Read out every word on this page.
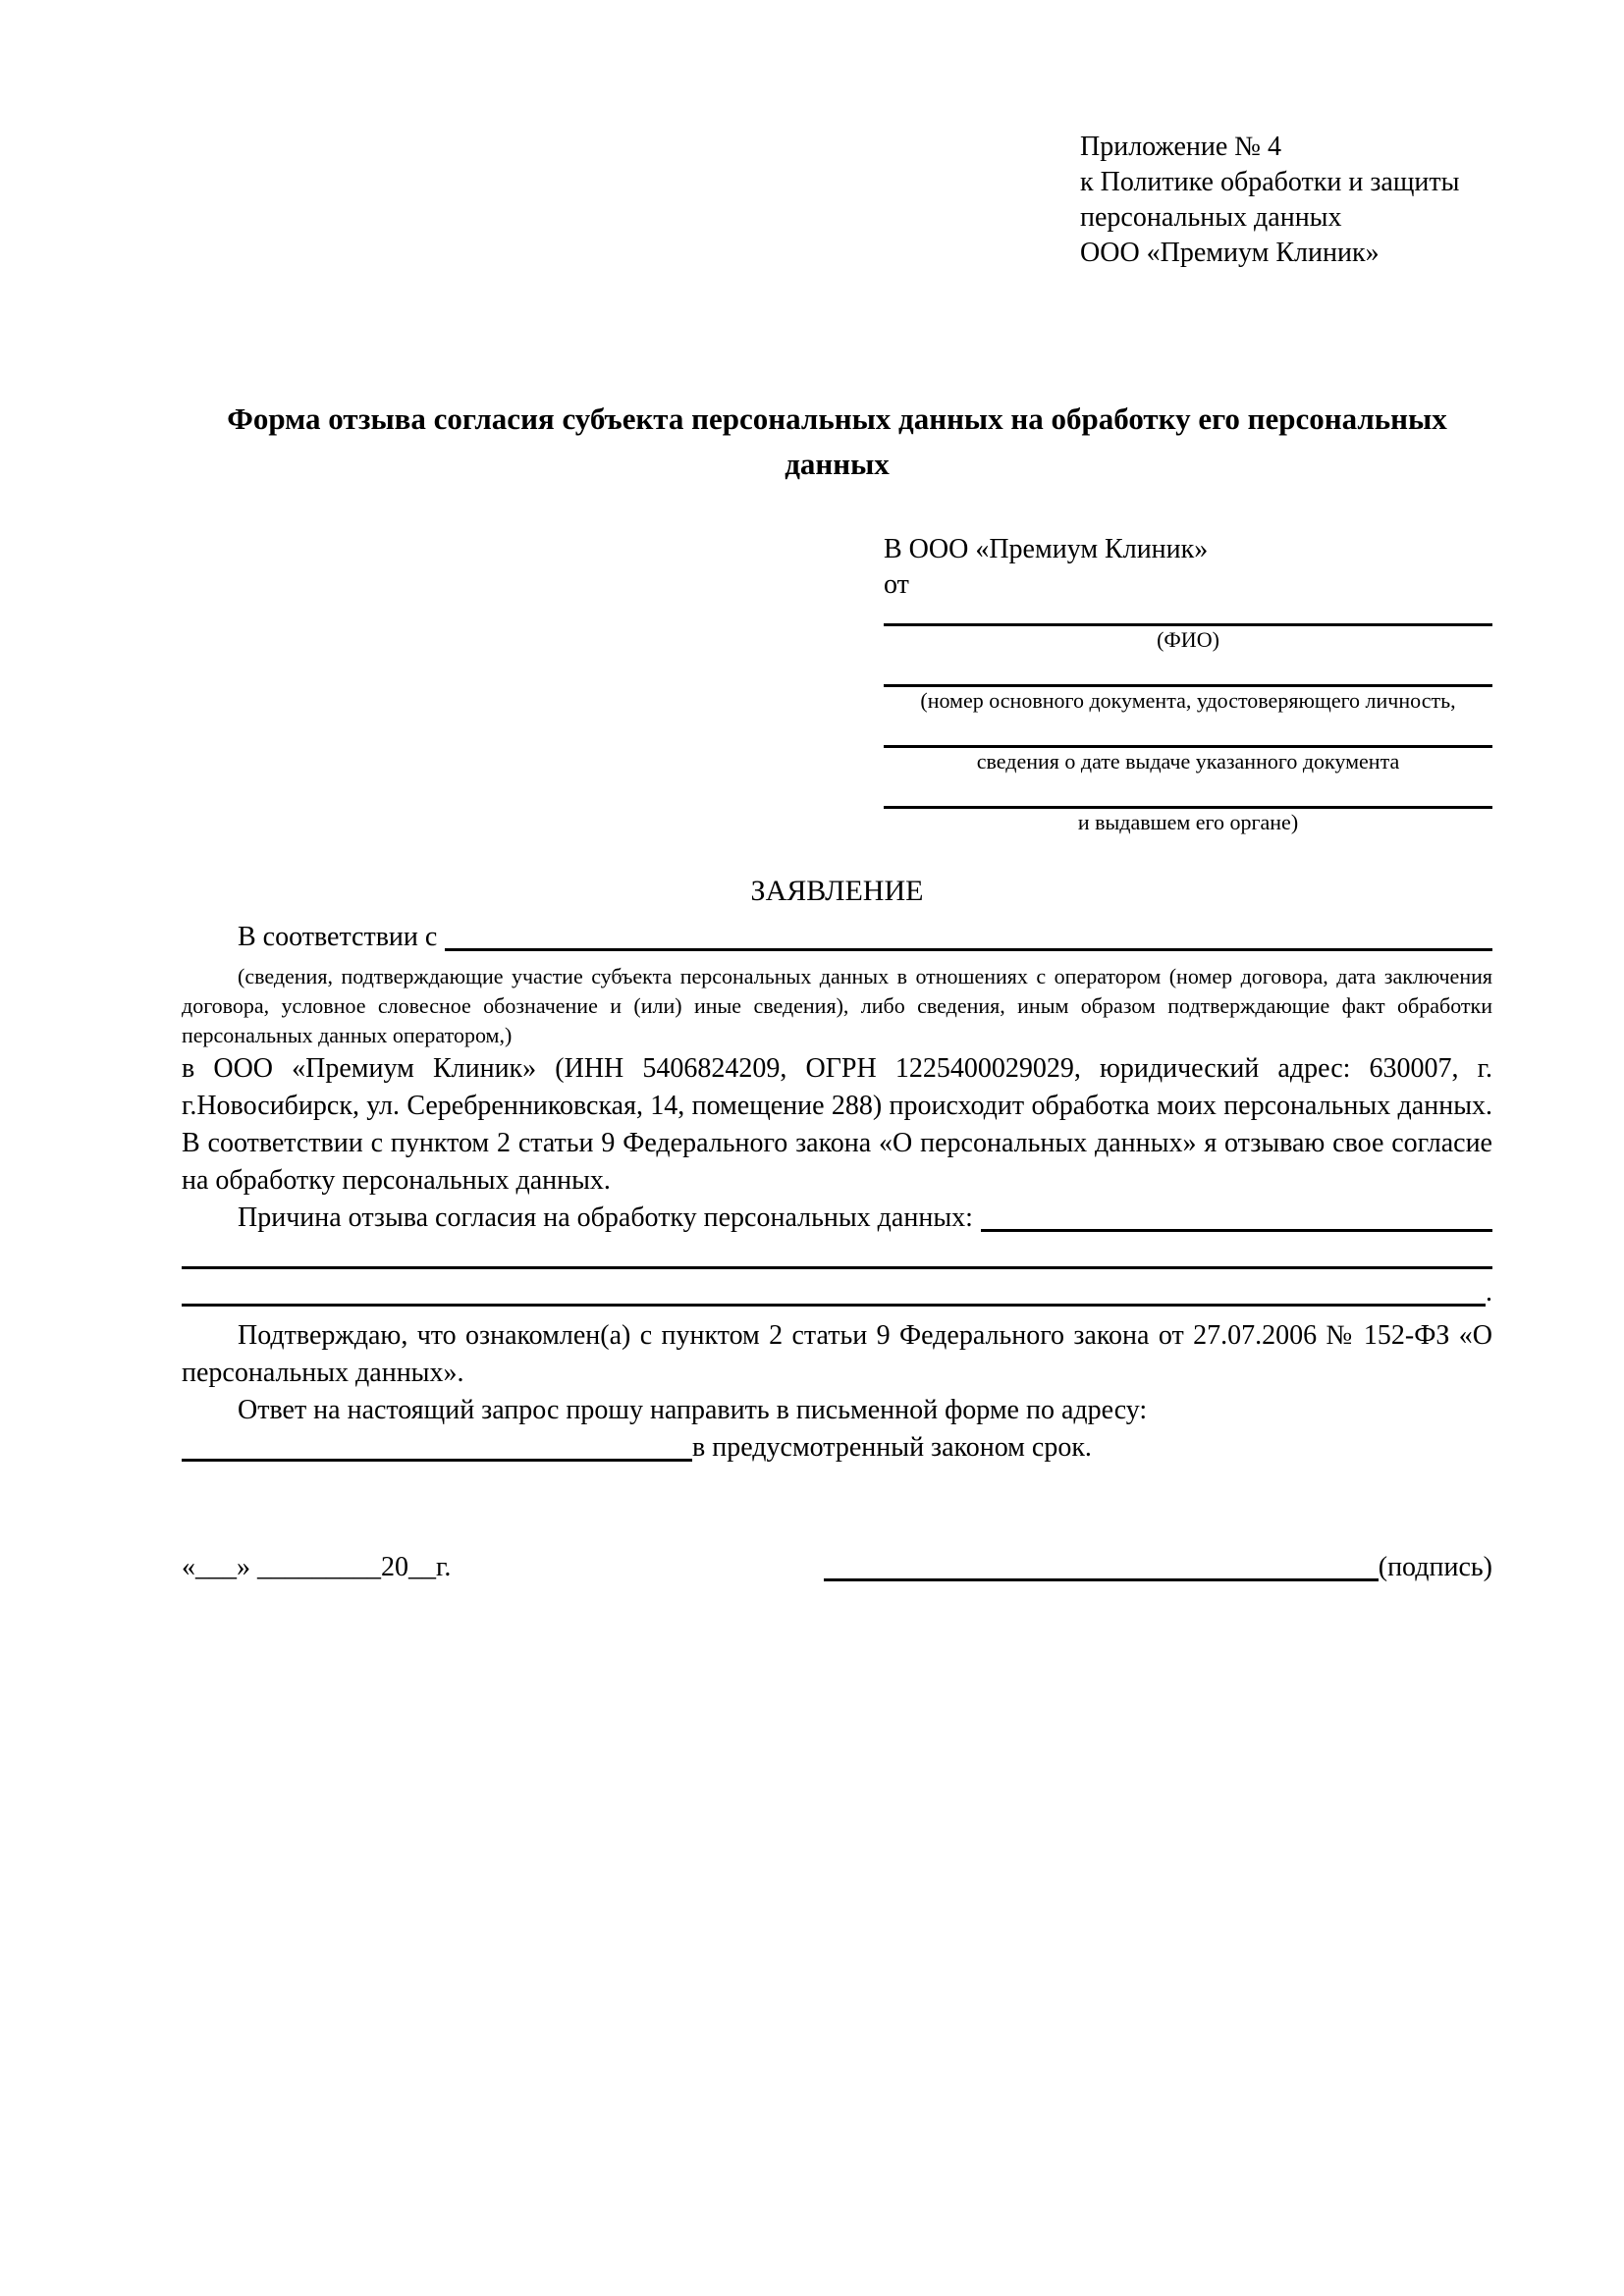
Приложение № 4
к Политике обработки и защиты
персональных данных
ООО «Премиум Клиник»
Форма отзыва согласия субъекта персональных данных на обработку его персональных данных
В ООО «Премиум Клиник»
от
(ФИО)
(номер основного документа, удостоверяющего личность,
сведения о дате выдаче указанного документа
и выдавшем его органе)
ЗАЯВЛЕНИЕ
В соответствии с
(сведения, подтверждающие участие субъекта персональных данных в отношениях с оператором (номер договора, дата заключения договора, условное словесное обозначение и (или) иные сведения), либо сведения, иным образом подтверждающие факт обработки персональных данных оператором,)
в ООО «Премиум Клиник» (ИНН 5406824209, ОГРН 1225400029029, юридический адрес: 630007, г. г.Новосибирск, ул. Серебренниковская, 14, помещение 288) происходит обработка моих персональных данных. В соответствии с пунктом 2 статьи 9 Федерального закона «О персональных данных» я отзываю свое согласие на обработку персональных данных.
Причина отзыва согласия на обработку персональных данных:
.
Подтверждаю, что ознакомлен(а) с пунктом 2 статьи 9 Федерального закона от 27.07.2006 № 152-ФЗ «О персональных данных».
Ответ на настоящий запрос прошу направить в письменной форме по адресу:
в предусмотренный законом срок.
«___» _________20__г.	(подпись)
